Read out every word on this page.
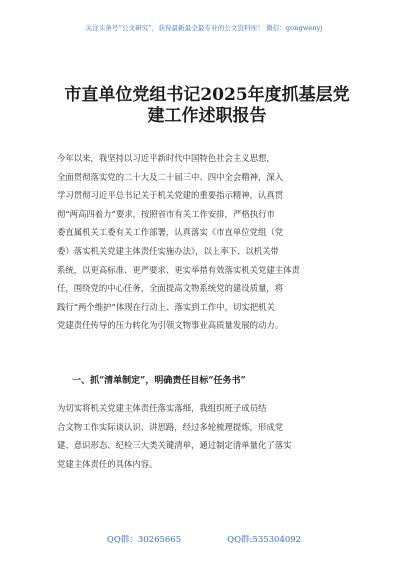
关注头条号“公文研究”，获得最新最全最专业的公文资料库！ 微信：gongwenyj
市直单位党组书记2025年度抓基层党
建工作述职报告
今年以来，我坚持以习近平新时代中国特色社会主义思想，
全面贯彻落实党的二十大及二十届三中、四中全会精神，深入
学习贯彻习近平总书记关于机关党建的重要指示精神，认真贯
彻“两高四着力”要求，按照省市有关工作安排，严格执行市
委直属机关工委有关工作部署，认真落实《市直单位党组（党
委）落实机关党建主体责任实施办法》，以上率下、以机关带
系统，以更高标准、更严要求、更实举措有效落实机关党建主体责
任，围绕党的中心任务，全面提高文物系统党的建设质量，将
践行“两个维护”体现在行动上、落实到工作中，切实把机关
党建责任传导的压力转化为引领文物事业高质量发展的动力。
一、抓“清单制定”，明确责任目标“任务书”
为切实将机关党建主体责任落实落细，我组织班子成员结
合文物工作实际谈认识、讲思路，经过多轮梳理提炼，形成党
建、意识形态、纪检三大类关键清单，通过制定清单量化了落实
党建主体责任的具体内容。
QQ群：30265665	QQ群:535304092
